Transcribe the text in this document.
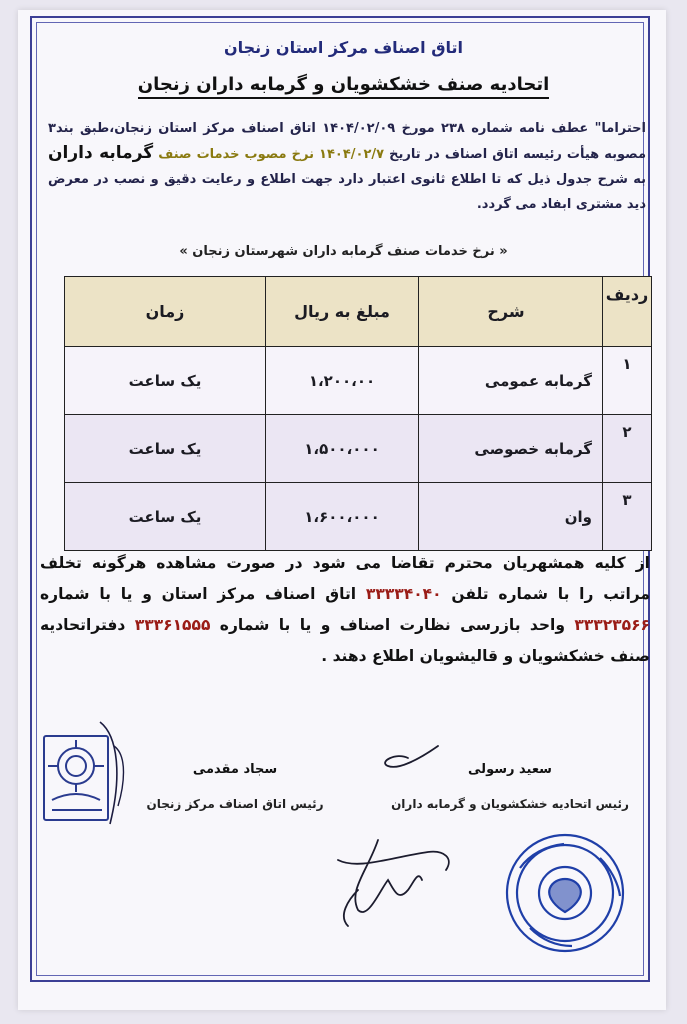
اتاق اصناف مرکز استان زنجان
اتحادیه صنف خشکشویان و گرمابه داران زنجان
احتراما" عطف نامه شماره ۲۳۸ مورخ ۱۴۰۴/۰۲/۰۹ اتاق اصناف مرکز استان زنجان،طبق بند۳ مصوبه هیأت رئیسه اتاق اصناف در تاریخ ۱۴۰۴/۰۲/۷ نرخ مصوب خدمات صنف گرمابه داران به شرح جدول ذیل که تا اطلاع ثانوی اعتبار دارد جهت اطلاع و رعایت دقیق و نصب در معرض دید مشتری ابفاد می گردد.
« نرخ خدمات صنف گرمابه داران شهرستان زنجان »
ردیف	شرح	مبلغ به ریال	زمان
۱	گرمابه عمومی	۱،۲۰۰،۰۰	یک ساعت
۲	گرمابه خصوصی	۱،۵۰۰،۰۰۰	یک ساعت
۳	وان	۱،۶۰۰،۰۰۰	یک ساعت
از کلیه همشهریان محترم تقاضا می شود در صورت مشاهده هرگونه تخلف مراتب را با شماره تلفن ۳۳۳۳۴۰۴۰ اتاق اصناف مرکز استان و یا با شماره ۳۳۳۲۳۵۶۶ واحد بازرسی نظارت اصناف و یا با شماره ۳۳۳۶۱۵۵۵ دفتراتحادیه صنف خشکشویان و قالیشویان اطلاع دهند .
سجاد مقدمی
رئیس اتاق اصناف مرکز زنجان
سعید رسولی
رئیس اتحادیه خشکشویان و گرمابه داران
